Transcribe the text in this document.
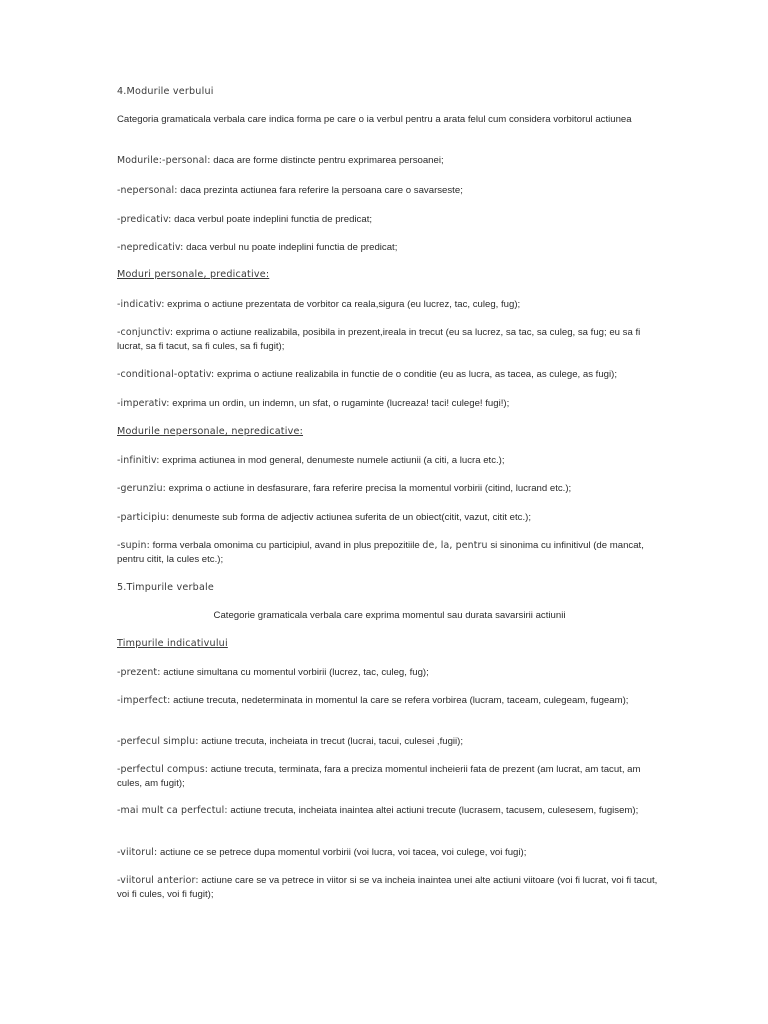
4.Modurile verbului

Categoria gramaticala verbala care indica forma pe care o ia verbul pentru a arata felul cum considera vorbitorul actiunea

Modurile:-personal: daca are forme distincte pentru exprimarea persoanei;

-nepersonal: daca prezinta actiunea fara referire la persoana care o savarseste;

-predicativ: daca verbul poate indeplini functia de predicat;

-nepredicativ: daca verbul nu poate indeplini functia de predicat;

Moduri personale, predicative:

-indicativ: exprima o actiune prezentata de vorbitor ca reala,sigura (eu lucrez, tac, culeg, fug);

-conjunctiv: exprima o actiune realizabila, posibila in prezent,ireala in trecut (eu sa lucrez, sa tac, sa culeg, sa fug; eu sa fi lucrat, sa fi tacut, sa fi cules, sa fi fugit);

-conditional-optativ: exprima o actiune realizabila in functie de o conditie (eu as lucra, as tacea, as culege, as fugi);

-imperativ: exprima un ordin, un indemn, un sfat, o rugaminte (lucreaza! taci! culege! fugi!);

Modurile nepersonale, nepredicative:

-infinitiv: exprima actiunea in mod general, denumeste numele actiunii (a citi, a lucra etc.);

-gerunziu: exprima o actiune in desfasurare, fara referire precisa la momentul vorbirii (citind, lucrand etc.);

-participiu: denumeste sub forma de adjectiv actiunea suferita de un obiect(citit, vazut, citit etc.);

-supin: forma verbala omonima cu participiul, avand in plus prepozitiile de, la, pentru si sinonima cu infinitivul (de mancat, pentru citit, la cules etc.);

5.Timpurile verbale

Categorie gramaticala verbala care exprima momentul sau durata savarsirii actiunii

Timpurile indicativului

-prezent: actiune simultana cu momentul vorbirii (lucrez, tac, culeg, fug);

-imperfect: actiune trecuta, nedeterminata in momentul la care se refera vorbirea (lucram, taceam, culegeam, fugeam);

-perfecul simplu: actiune trecuta, incheiata in trecut (lucrai, tacui, culesei ,fugii);

-perfectul compus: actiune trecuta, terminata, fara a preciza momentul incheierii fata de prezent (am lucrat, am tacut, am cules, am fugit);

-mai mult ca perfectul: actiune trecuta, incheiata inaintea altei actiuni trecute (lucrasem, tacusem, culesesem, fugisem);

-viitorul: actiune ce se petrece dupa momentul vorbirii (voi lucra, voi tacea, voi culege, voi fugi);

-viitorul anterior: actiune care se va petrece in viitor si se va incheia inaintea unei alte actiuni viitoare (voi fi lucrat, voi fi tacut, voi fi cules, voi fi fugit);
